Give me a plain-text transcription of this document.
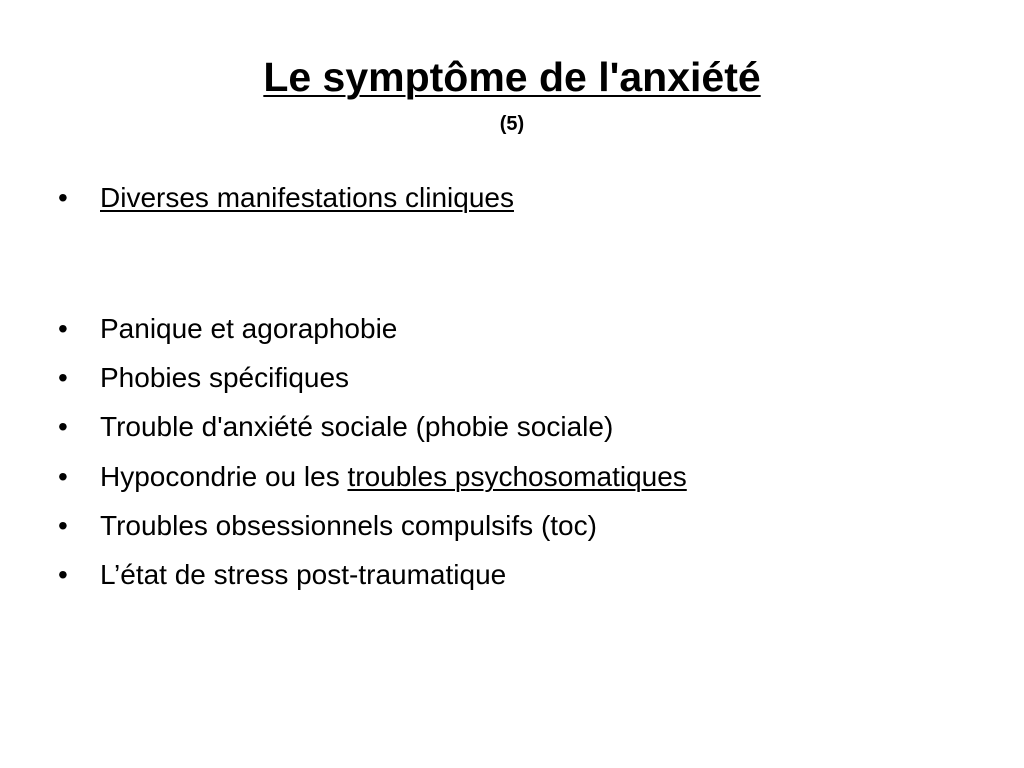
Le symptôme de l'anxiété
(5)
• Diverses manifestations cliniques
• Panique et agoraphobie
• Phobies spécifiques
• Trouble d'anxiété sociale (phobie sociale)
• Hypocondrie ou les troubles psychosomatiques
• Troubles obsessionnels compulsifs (toc)
• L’état de stress post-traumatique
